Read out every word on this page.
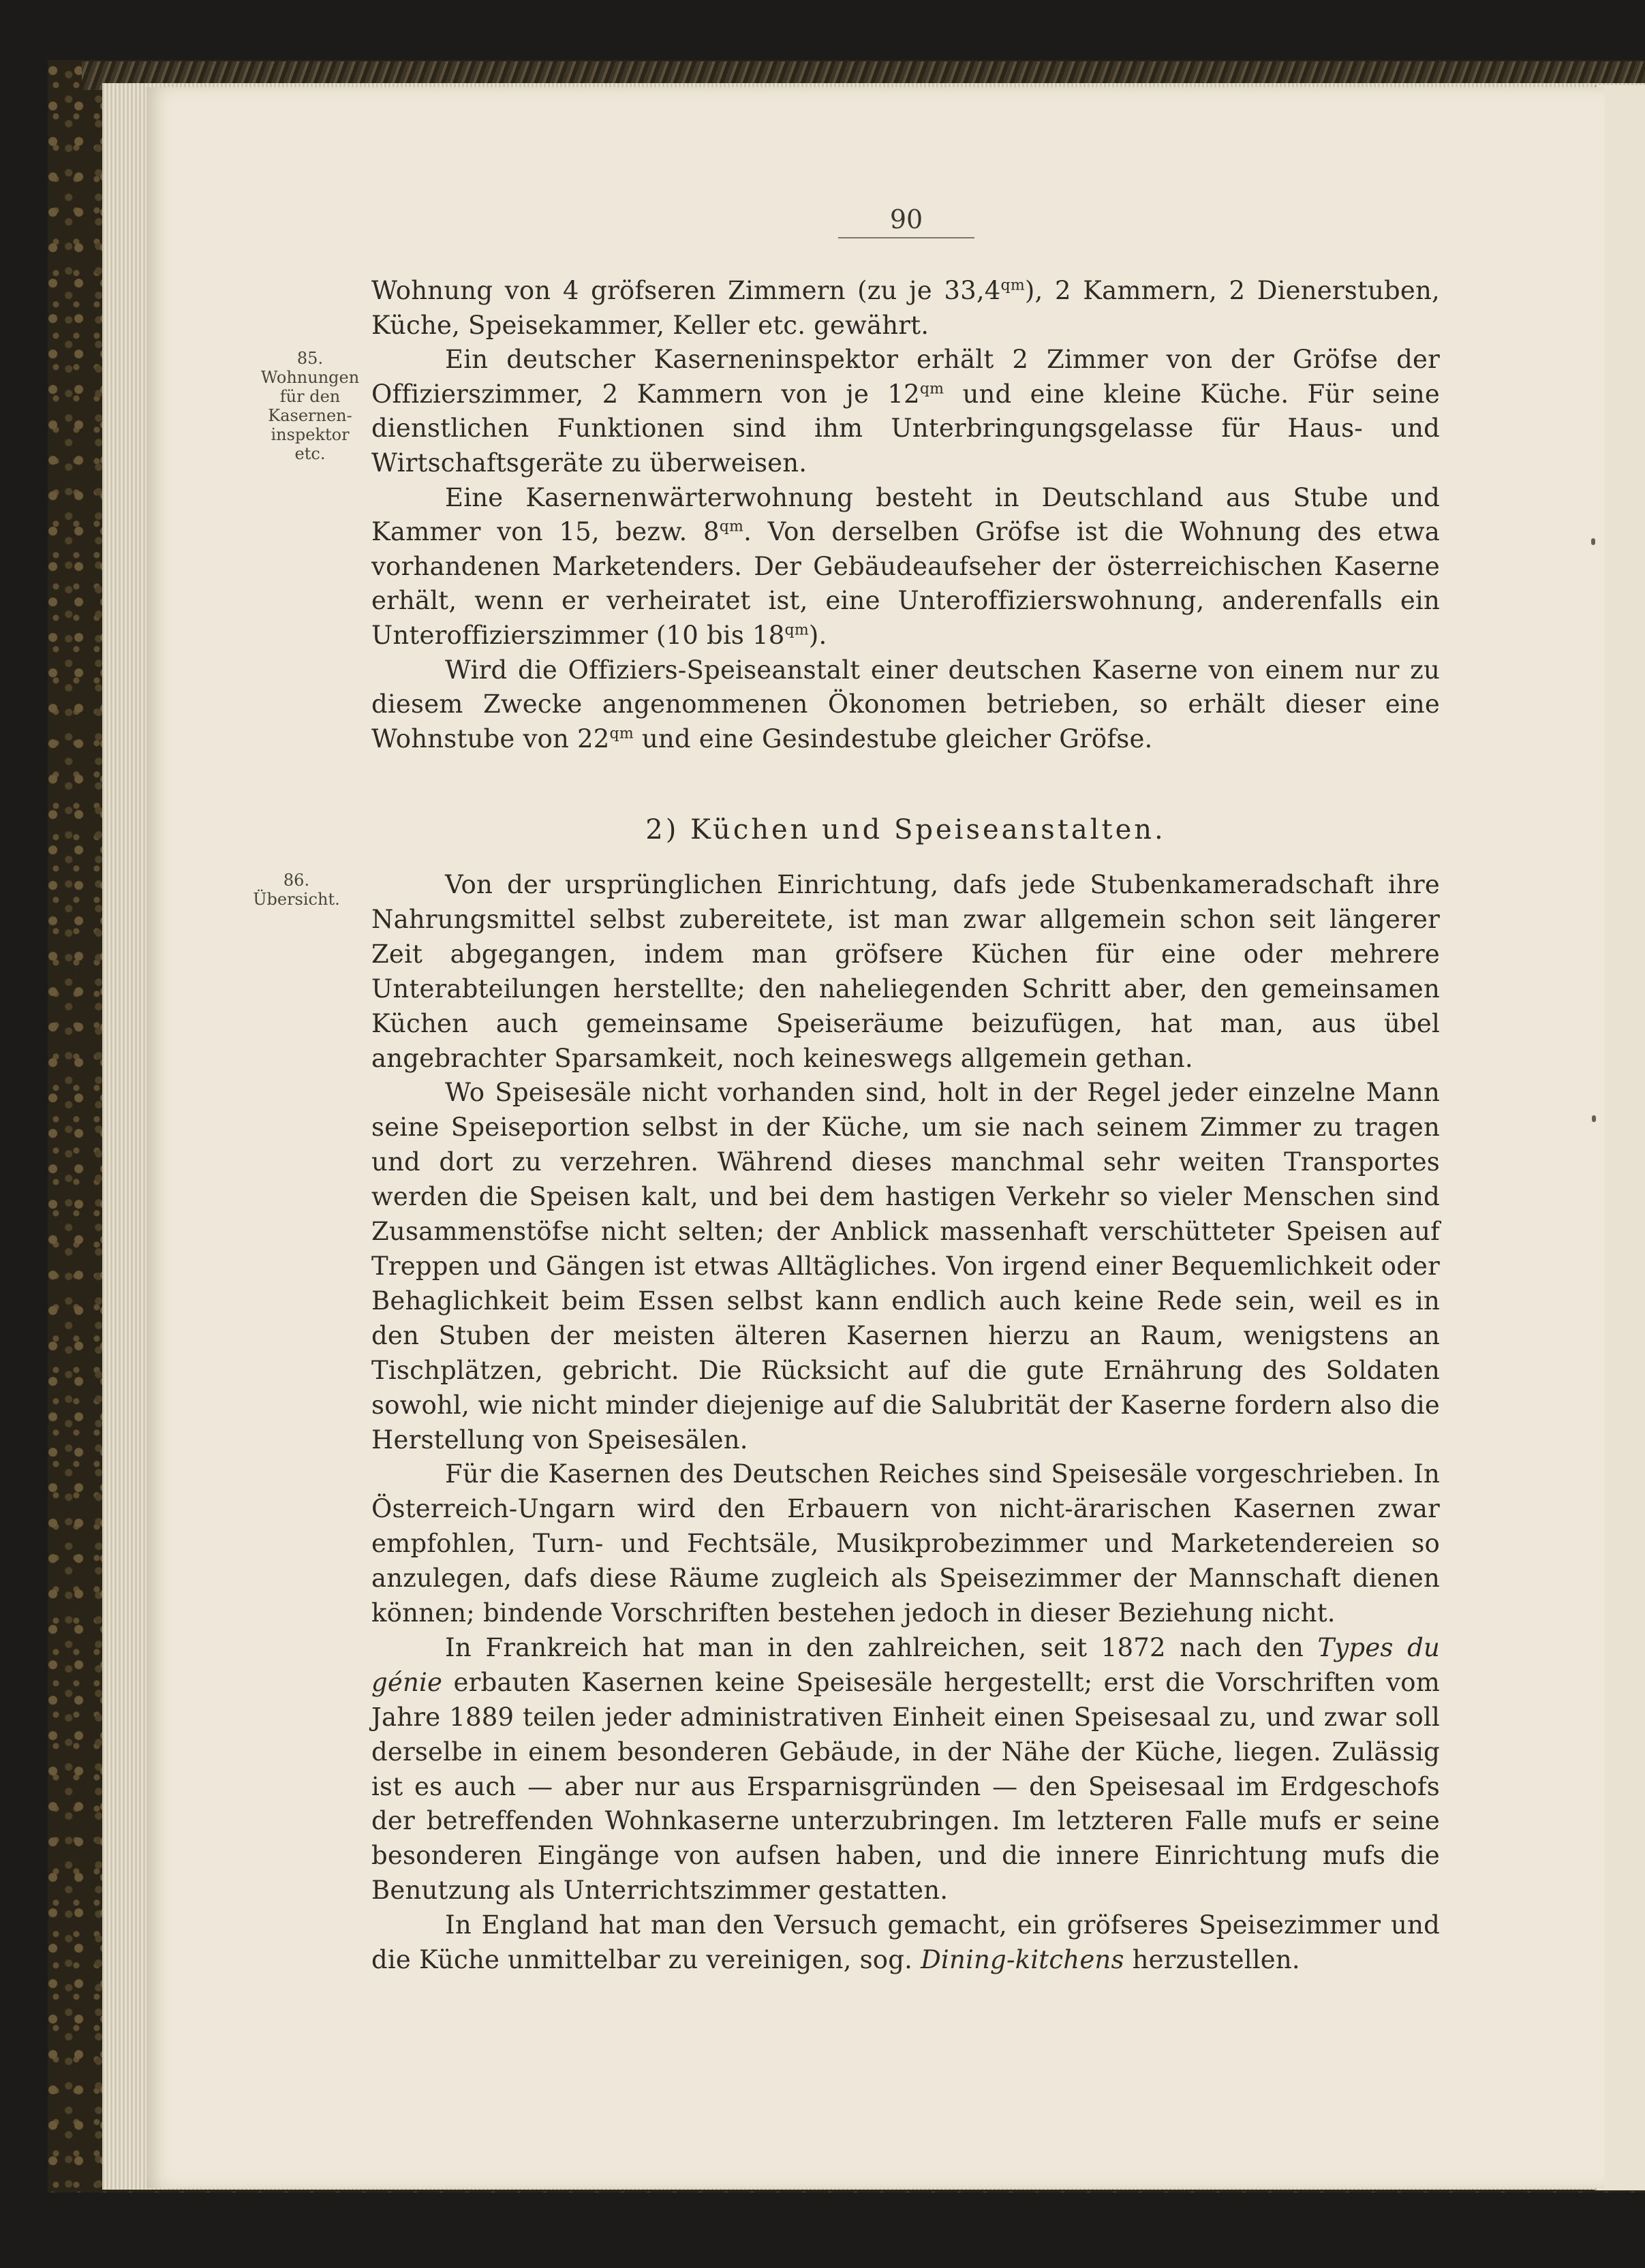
90
85.
Wohnungen
für den
Kasernen-
inspektor
etc.
86.
Übersicht.

Wohnung von 4 gröfseren Zimmern (zu je $33,4^{qm}$), 2 Kammern, 2 Dienerstuben, Küche, Speisekammer, Keller etc. gewährt.

Ein deutscher Kaserneninspektor erhält 2 Zimmer von der Gröfse der Offizierszimmer, 2 Kammern von je $12^{qm}$ und eine kleine Küche. Für seine dienstlichen Funktionen sind ihm Unterbringungsgelasse für Haus- und Wirtschaftsgeräte zu überweisen.

Eine Kasernenwärterwohnung besteht in Deutschland aus Stube und Kammer von 15, bezw. $8^{qm}$. Von derselben Gröfse ist die Wohnung des etwa vorhandenen Marketenders. Der Gebäudeaufseher der österreichischen Kaserne erhält, wenn er verheiratet ist, eine Unteroffizierswohnung, anderenfalls ein Unteroffizierszimmer (10 bis $18^{qm}$).

Wird die Offiziers-Speiseanstalt einer deutschen Kaserne von einem nur zu diesem Zwecke angenommenen Ökonomen betrieben, so erhält dieser eine Wohnstube von $22^{qm}$ und eine Gesindestube gleicher Gröfse.

2) Küchen und Speiseanstalten.

Von der ursprünglichen Einrichtung, dafs jede Stubenkameradschaft ihre Nahrungsmittel selbst zubereitete, ist man zwar allgemein schon seit längerer Zeit abgegangen, indem man gröfsere Küchen für eine oder mehrere Unterabteilungen herstellte; den naheliegenden Schritt aber, den gemeinsamen Küchen auch gemeinsame Speiseräume beizufügen, hat man, aus übel angebrachter Sparsamkeit, noch keineswegs allgemein gethan.

Wo Speisesäle nicht vorhanden sind, holt in der Regel jeder einzelne Mann seine Speiseportion selbst in der Küche, um sie nach seinem Zimmer zu tragen und dort zu verzehren. Während dieses manchmal sehr weiten Transportes werden die Speisen kalt, und bei dem hastigen Verkehr so vieler Menschen sind Zusammenstöfse nicht selten; der Anblick massenhaft verschütteter Speisen auf Treppen und Gängen ist etwas Alltägliches. Von irgend einer Bequemlichkeit oder Behaglichkeit beim Essen selbst kann endlich auch keine Rede sein, weil es in den Stuben der meisten älteren Kasernen hierzu an Raum, wenigstens an Tischplätzen, gebricht. Die Rücksicht auf die gute Ernährung des Soldaten sowohl, wie nicht minder diejenige auf die Salubrität der Kaserne fordern also die Herstellung von Speisesälen.

Für die Kasernen des Deutschen Reiches sind Speisesäle vorgeschrieben. In Österreich-Ungarn wird den Erbauern von nicht-ärarischen Kasernen zwar empfohlen, Turn- und Fechtsäle, Musikprobezimmer und Marketendereien so anzulegen, dafs diese Räume zugleich als Speisezimmer der Mannschaft dienen können; bindende Vorschriften bestehen jedoch in dieser Beziehung nicht.

In Frankreich hat man in den zahlreichen, seit 1872 nach den Types du génie erbauten Kasernen keine Speisesäle hergestellt; erst die Vorschriften vom Jahre 1889 teilen jeder administrativen Einheit einen Speisesaal zu, und zwar soll derselbe in einem besonderen Gebäude, in der Nähe der Küche, liegen. Zulässig ist es auch — aber nur aus Ersparnisgründen — den Speisesaal im Erdgeschofs der betreffenden Wohnkaserne unterzubringen. Im letzteren Falle mufs er seine besonderen Eingänge von aufsen haben, und die innere Einrichtung mufs die Benutzung als Unterrichtszimmer gestatten.

In England hat man den Versuch gemacht, ein gröfseres Speisezimmer und die Küche unmittelbar zu vereinigen, sog. Dining-kitchens herzustellen.
